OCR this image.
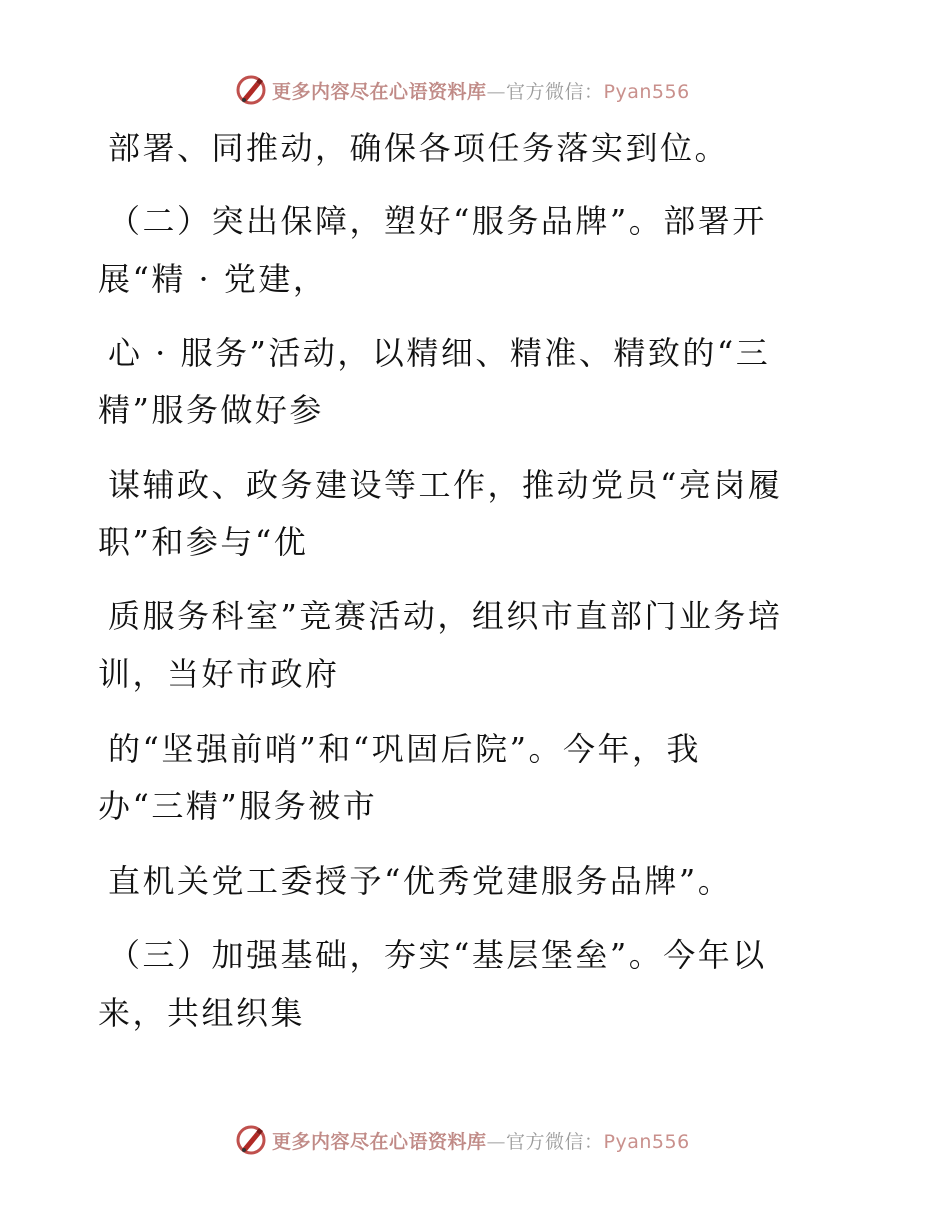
更多内容尽在心语资料库—官方微信：Pyan556
部署、同推动，确保各项任务落实到位。
（二）突出保障，塑好“服务品牌”。部署开
展“精 · 党建，
心 · 服务”活动，以精细、精准、精致的“三
精”服务做好参
谋辅政、政务建设等工作，推动党员“亮岗履
职”和参与“优
质服务科室”竞赛活动，组织市直部门业务培
训，当好市政府
的“坚强前哨”和“巩固后院”。今年，我
办“三精”服务被市
直机关党工委授予“优秀党建服务品牌”。
（三）加强基础，夯实“基层堡垒”。今年以
来，共组织集
更多内容尽在心语资料库—官方微信：Pyan556
